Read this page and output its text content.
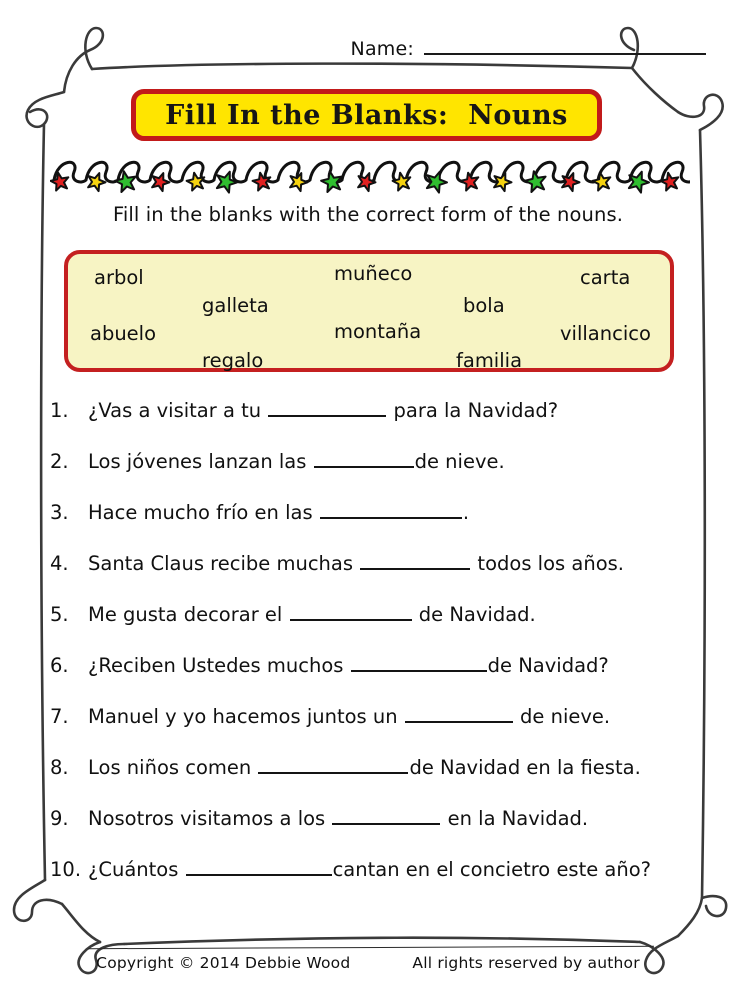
Name:
Fill In the Blanks:  Nouns
Fill in the blanks with the correct form of the nouns.
arbol	muñeco	carta
galleta	bola
abuelo	montaña	villancico
regalo	familia
1. ¿Vas a visitar a tu	para la Navidad?
2. Los jóvenes lanzan las	de nieve.
3. Hace mucho frío en las	.
4. Santa Claus recibe muchas	todos los años.
5. Me gusta decorar el	de Navidad.
6. ¿Reciben Ustedes muchos	de Navidad?
7. Manuel y yo hacemos juntos un	de nieve.
8. Los niños comen	de Navidad en la fiesta.
9. Nosotros visitamos a los	en la Navidad.
10. ¿Cuántos	cantan en el concietro este año?
Copyright © 2014 Debbie Wood	All rights reserved by author
